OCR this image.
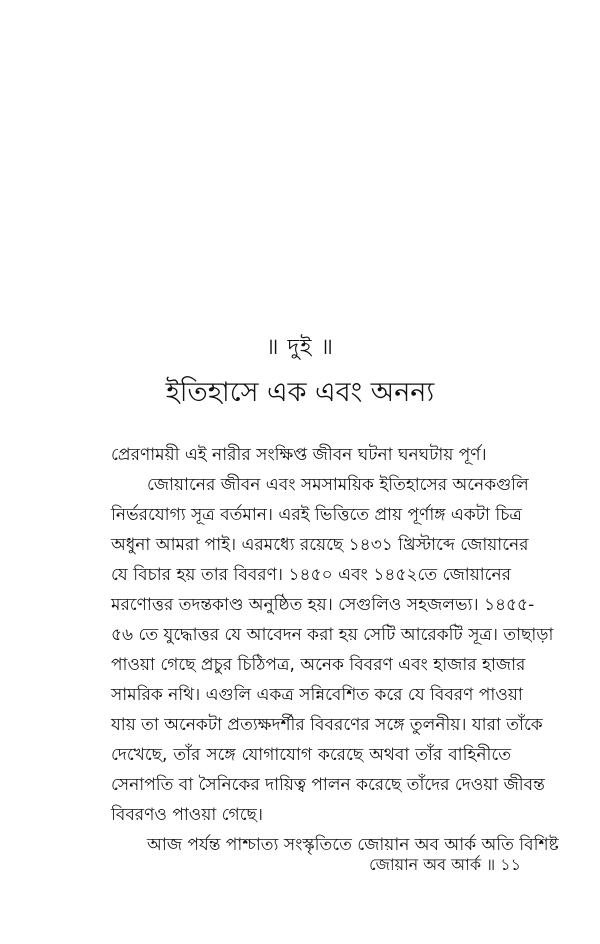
॥ দুই ॥
ইতিহাসে এক এবং অনন্য
প্রেরণাময়ী এই নারীর সংক্ষিপ্ত জীবন ঘটনা ঘনঘটায় পূর্ণ।
জোয়ানের জীবন এবং সমসাময়িক ইতিহাসের অনেকগুলি
নির্ভরযোগ্য সূত্র বর্তমান। এরই ভিত্তিতে প্রায় পূর্ণাঙ্গ একটা চিত্র
অধুনা আমরা পাই। এরমধ্যে রয়েছে ১৪৩১ খ্রিস্টাব্দে জোয়ানের
যে বিচার হয় তার বিবরণ। ১৪৫০ এবং ১৪৫২তে জোয়ানের
মরণোত্তর তদন্তকাণ্ড অনুষ্ঠিত হয়। সেগুলিও সহজলভ্য। ১৪৫৫-
৫৬ তে যুদ্ধোত্তর যে আবেদন করা হয় সেটি আরেকটি সূত্র। তাছাড়া
পাওয়া গেছে প্রচুর চিঠিপত্র, অনেক বিবরণ এবং হাজার হাজার
সামরিক নথি। এগুলি একত্র সন্নিবেশিত করে যে বিবরণ পাওয়া
যায় তা অনেকটা প্রত্যক্ষদর্শীর বিবরণের সঙ্গে তুলনীয়। যারা তাঁকে
দেখেছে, তাঁর সঙ্গে যোগাযোগ করেছে অথবা তাঁর বাহিনীতে
সেনাপতি বা সৈনিকের দায়িত্ব পালন করেছে তাঁদের দেওয়া জীবন্ত
বিবরণও পাওয়া গেছে।
আজ পর্যন্ত পাশ্চাত্য সংস্কৃতিতে জোয়ান অব আর্ক অতি বিশিষ্ট
জোয়ান অব আর্ক ॥ ১১
